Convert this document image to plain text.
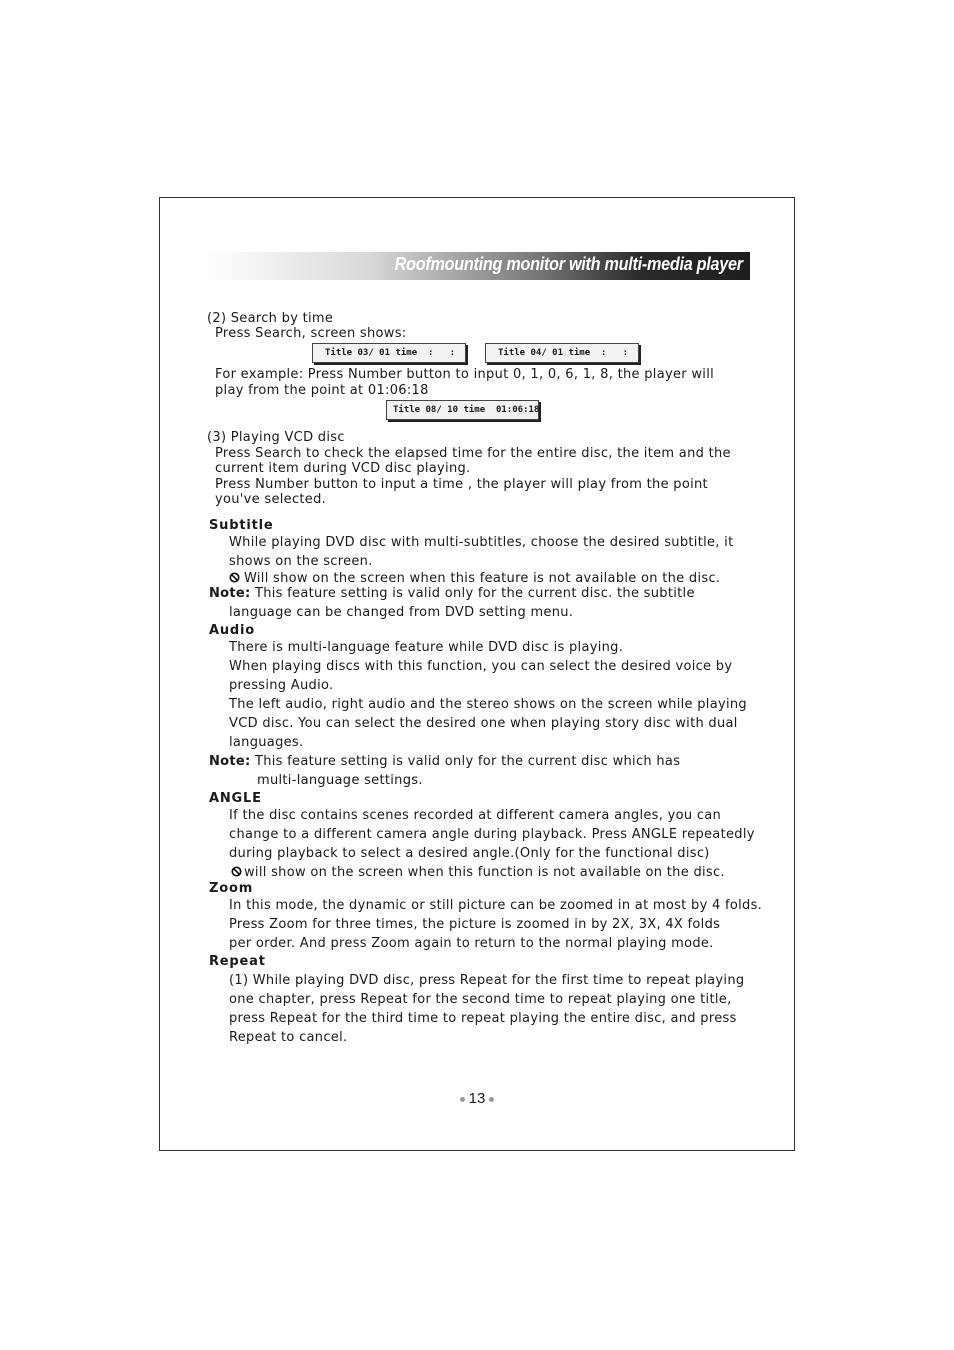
Roofmounting monitor with multi-media player
(2) Search by time
Press Search, screen shows:
Title 03/ 01 time  :   :	Title 04/ 01 time  :   :
For example: Press Number button to input 0, 1, 0, 6, 1, 8, the player will
play from the point at 01:06:18
Title 08/ 10 time  01:06:18
(3) Playing VCD disc
Press Search to check the elapsed time for the entire disc, the item and the
current item during VCD disc playing.
Press Number button to input a time , the player will play from the point
you've selected.
Subtitle
While playing DVD disc with multi-subtitles, choose the desired subtitle, it
shows on the screen.
Will show on the screen when this feature is not available on the disc.
Note: This feature setting is valid only for the current disc. the subtitle
language can be changed from DVD setting menu.
Audio
There is multi-language feature while DVD disc is playing.
When playing discs with this function, you can select the desired voice by
pressing Audio.
The left audio, right audio and the stereo shows on the screen while playing
VCD disc. You can select the desired one when playing story disc with dual
languages.
Note: This feature setting is valid only for the current disc which has
multi-language settings.
ANGLE
If the disc contains scenes recorded at different camera angles, you can
change to a different camera angle during playback. Press ANGLE repeatedly
during playback to select a desired angle.(Only for the functional disc)
will show on the screen when this function is not available on the disc.
Zoom
In this mode, the dynamic or still picture can be zoomed in at most by 4 folds.
Press Zoom for three times, the picture is zoomed in by 2X, 3X, 4X folds
per order. And press Zoom again to return to the normal playing mode.
Repeat
(1) While playing DVD disc, press Repeat for the first time to repeat playing
one chapter, press Repeat for the second time to repeat playing one title,
press Repeat for the third time to repeat playing the entire disc, and press
Repeat to cancel.
13
